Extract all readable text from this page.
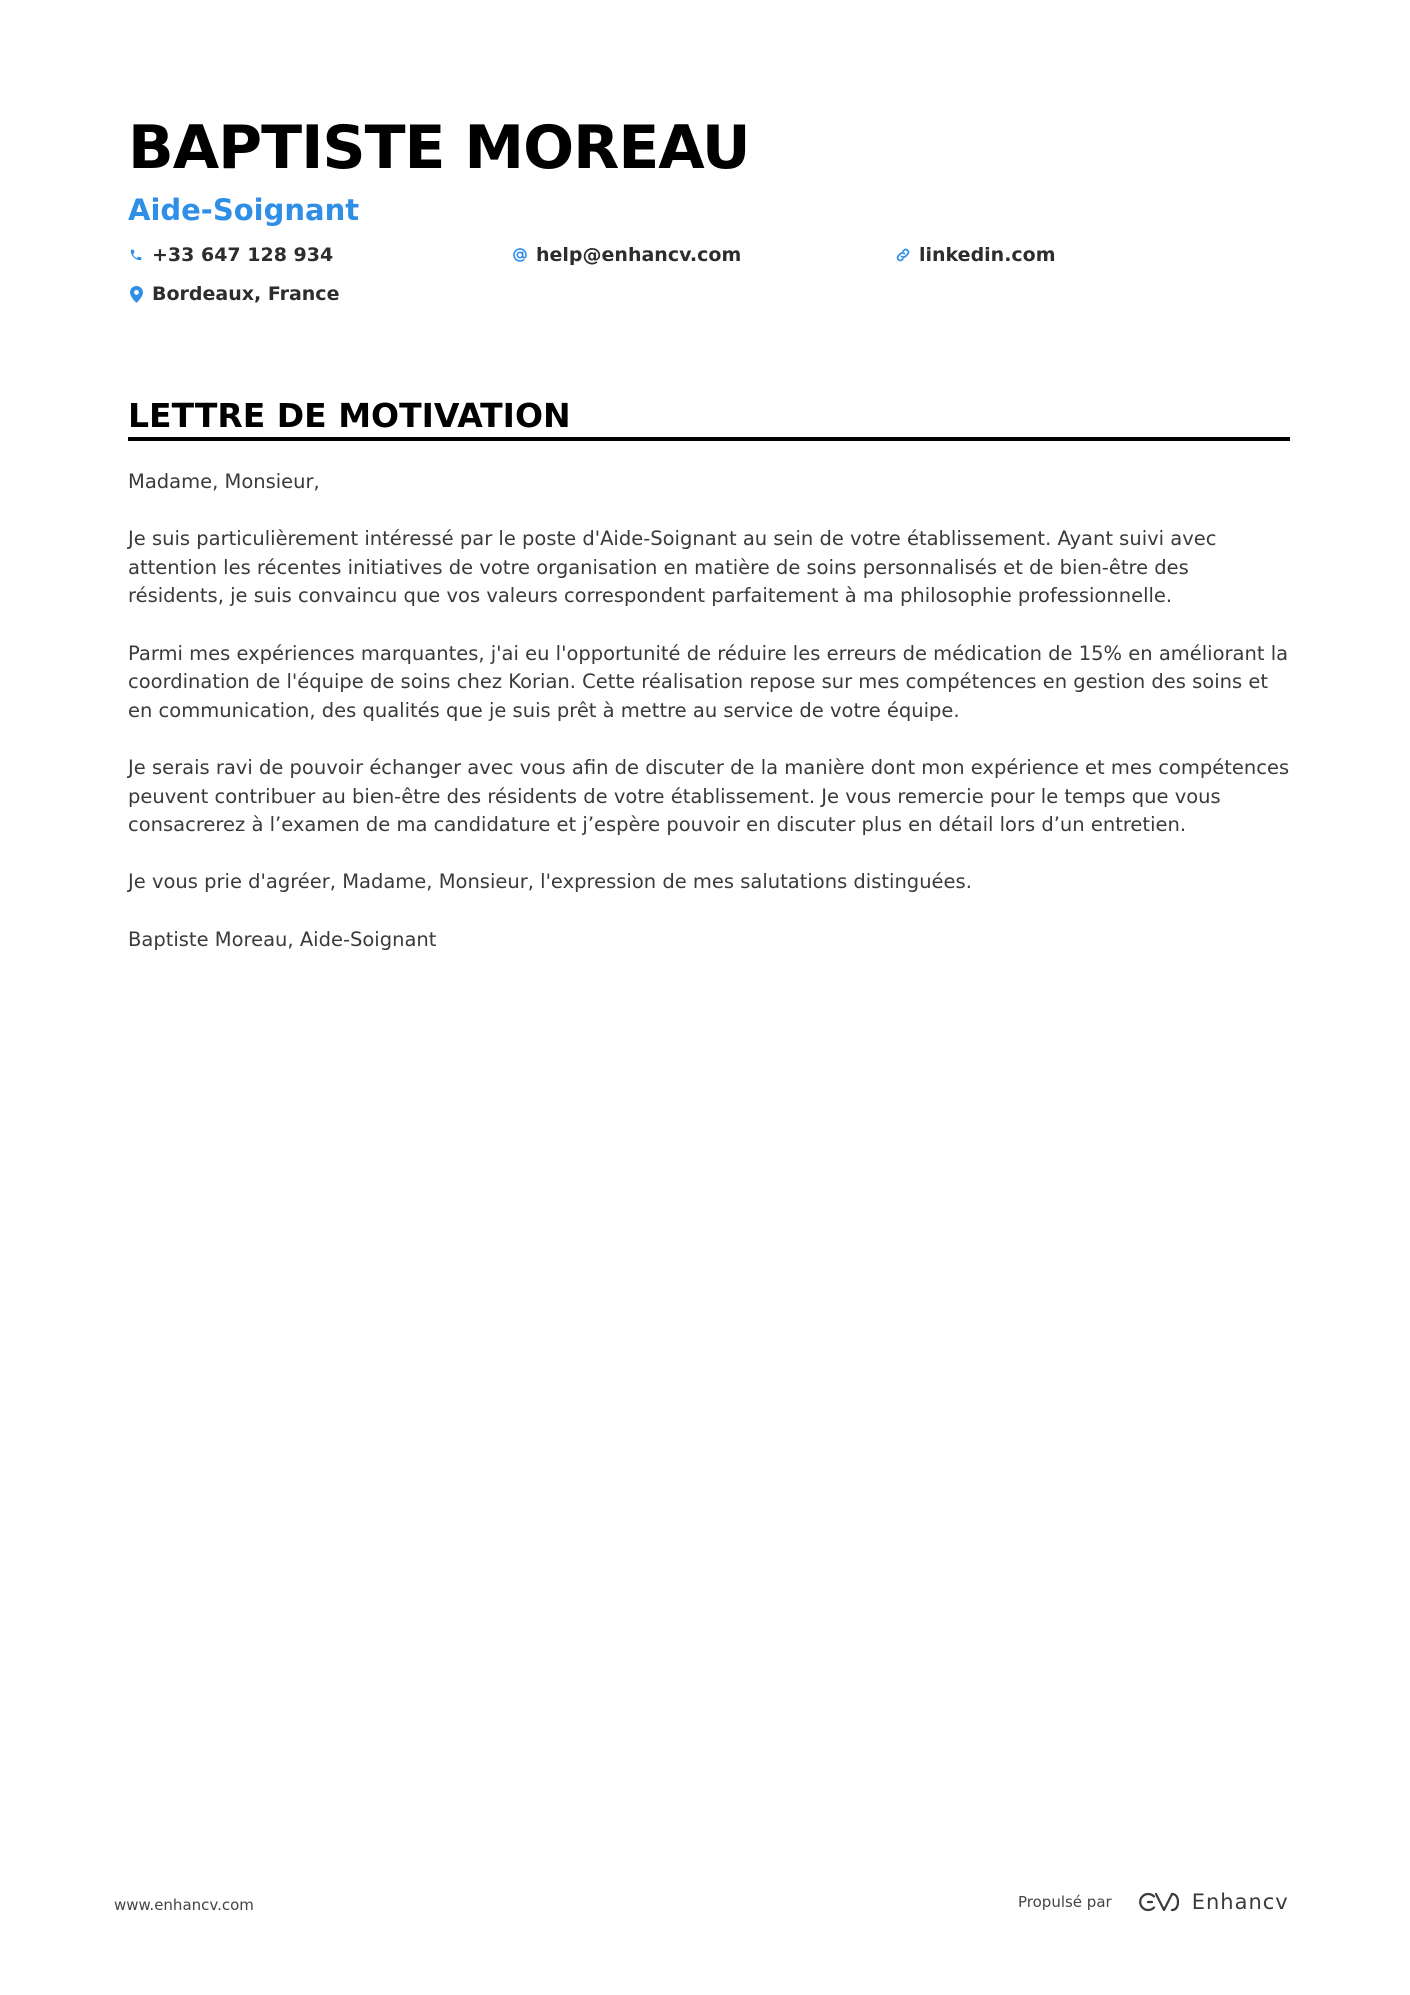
BAPTISTE MOREAU
Aide-Soignant
+33 647 128 934	help@enhancv.com	linkedin.com
Bordeaux, France
LETTRE DE MOTIVATION

Madame, Monsieur,

Je suis particulièrement intéressé par le poste d'Aide-Soignant au sein de votre établissement. Ayant suivi avec attention les récentes initiatives de votre organisation en matière de soins personnalisés et de bien-être des résidents, je suis convaincu que vos valeurs correspondent parfaitement à ma philosophie professionnelle.

Parmi mes expériences marquantes, j'ai eu l'opportunité de réduire les erreurs de médication de 15% en améliorant la coordination de l'équipe de soins chez Korian. Cette réalisation repose sur mes compétences en gestion des soins et en communication, des qualités que je suis prêt à mettre au service de votre équipe.

Je serais ravi de pouvoir échanger avec vous afin de discuter de la manière dont mon expérience et mes compétences peuvent contribuer au bien-être des résidents de votre établissement. Je vous remercie pour le temps que vous consacrerez à l’examen de ma candidature et j’espère pouvoir en discuter plus en détail lors d’un entretien.

Je vous prie d'agréer, Madame, Monsieur, l'expression de mes salutations distinguées.

Baptiste Moreau, Aide-Soignant

www.enhancv.com	Propulsé par	Enhancv
